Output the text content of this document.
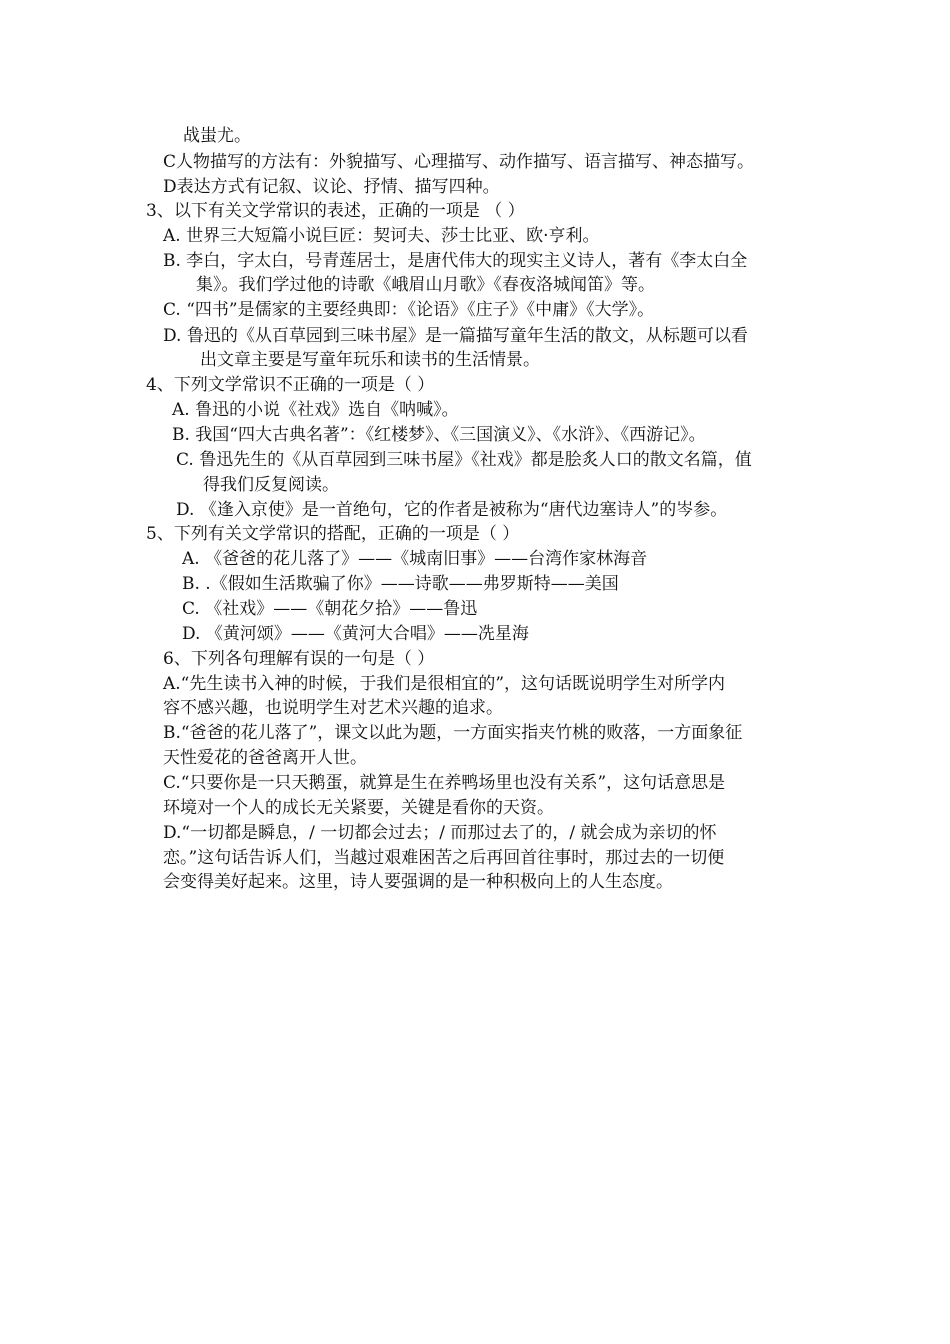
战蚩尤。
C人物描写的方法有：外貌描写、心理描写、动作描写、语言描写、神态描写。
D表达方式有记叙、议论、抒情、描写四种。
3、以下有关文学常识的表述，正确的一项是 （ ）
A. 世界三大短篇小说巨匠：契诃夫、莎士比亚、欧·亨利。
B. 李白，字太白，号青莲居士，是唐代伟大的现实主义诗人，著有《李太白全
集》。我们学过他的诗歌《峨眉山月歌》《春夜洛城闻笛》等。
C. “四书”是儒家的主要经典即：《论语》《庄子》《中庸》《大学》。
D. 鲁迅的《从百草园到三味书屋》是一篇描写童年生活的散文，从标题可以看
出文章主要是写童年玩乐和读书的生活情景。
4、下列文学常识不正确的一项是（ ）
A. 鲁迅的小说《社戏》选自《呐喊》。
B. 我国“四大古典名著”：《红楼梦》、《三国演义》、《水浒》、《西游记》。
C. 鲁迅先生的《从百草园到三味书屋》《社戏》都是脍炙人口的散文名篇，值
得我们反复阅读。
D. 《逢入京使》是一首绝句，它的作者是被称为“唐代边塞诗人”的岑参。
5、下列有关文学常识的搭配，正确的一项是（ ）
A. 《爸爸的花儿落了》——《城南旧事》——台湾作家林海音
B. .《假如生活欺骗了你》——诗歌——弗罗斯特——美国
C. 《社戏》——《朝花夕拾》——鲁迅
D. 《黄河颂》——《黄河大合唱》——冼星海
6、下列各句理解有误的一句是（ ）
A.“先生读书入神的时候，于我们是很相宜的”，这句话既说明学生对所学内
容不感兴趣，也说明学生对艺术兴趣的追求。
B.“爸爸的花儿落了”，课文以此为题，一方面实指夹竹桃的败落，一方面象征
天性爱花的爸爸离开人世。
C.“只要你是一只天鹅蛋，就算是生在养鸭场里也没有关系”，这句话意思是
环境对一个人的成长无关紧要，关键是看你的天资。
D.“一切都是瞬息，/ 一切都会过去；/ 而那过去了的，/ 就会成为亲切的怀
恋。”这句话告诉人们，当越过艰难困苦之后再回首往事时，那过去的一切便
会变得美好起来。这里，诗人要强调的是一种积极向上的人生态度。
